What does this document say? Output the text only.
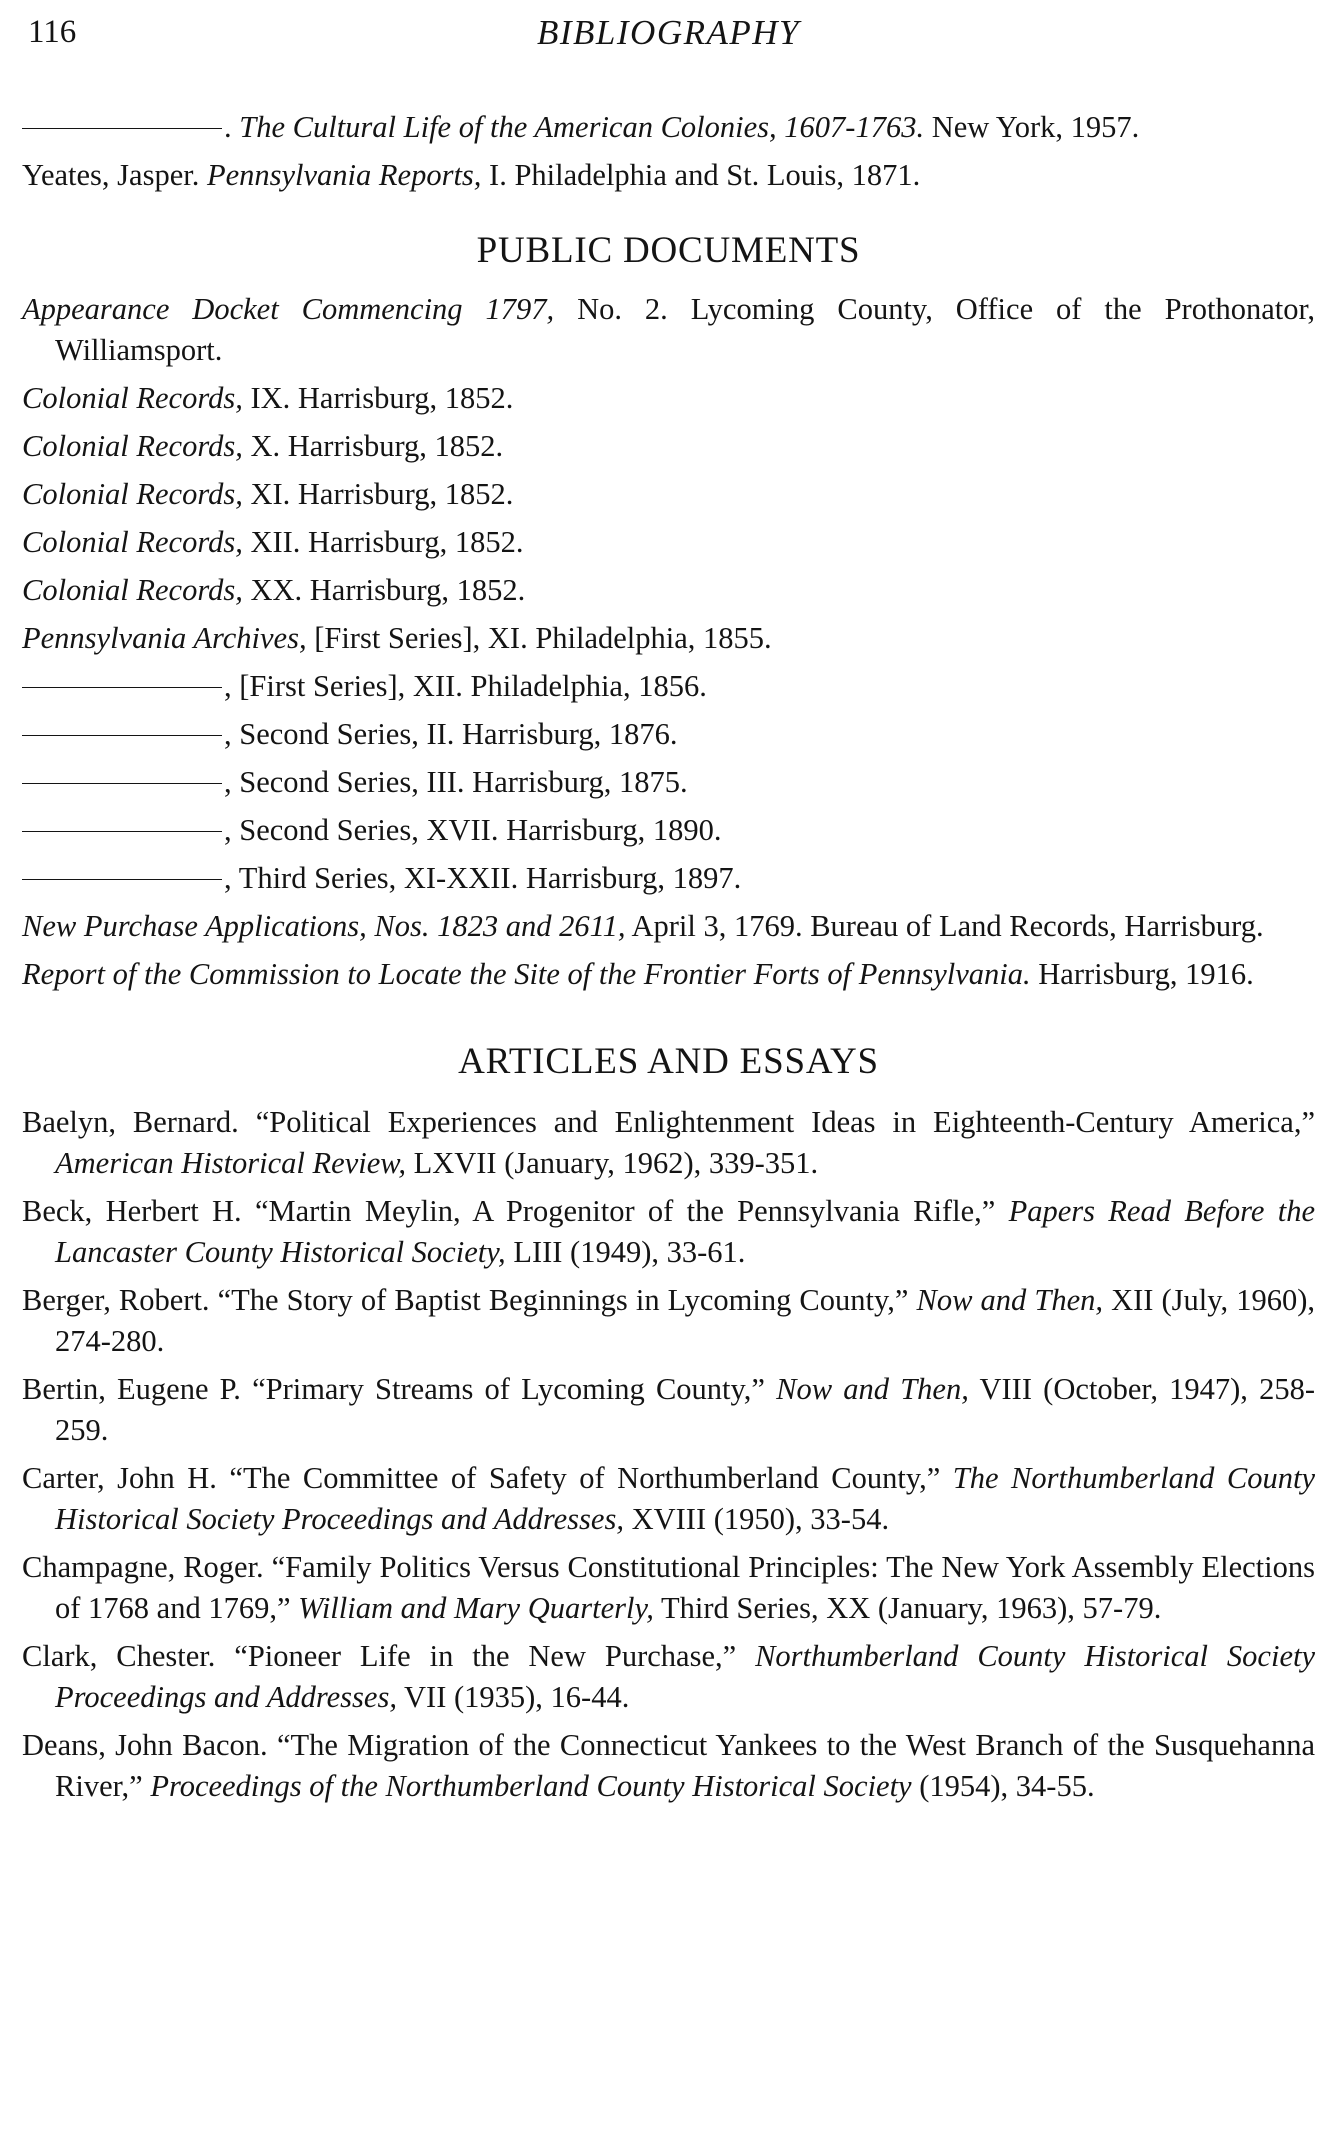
116	BIBLIOGRAPHY

. The Cultural Life of the American Colonies, 1607-1763. New York, 1957.

Yeates, Jasper. Pennsylvania Reports, I. Philadelphia and St. Louis, 1871.

PUBLIC DOCUMENTS

Appearance Docket Commencing 1797, No. 2. Lycoming County, Office of the Prothonator, Williamsport.

Colonial Records, IX. Harrisburg, 1852.

Colonial Records, X. Harrisburg, 1852.

Colonial Records, XI. Harrisburg, 1852.

Colonial Records, XII. Harrisburg, 1852.

Colonial Records, XX. Harrisburg, 1852.

Pennsylvania Archives, [First Series], XI. Philadelphia, 1855.

, [First Series], XII. Philadelphia, 1856.

, Second Series, II. Harrisburg, 1876.

, Second Series, III. Harrisburg, 1875.

, Second Series, XVII. Harrisburg, 1890.

, Third Series, XI-XXII. Harrisburg, 1897.

New Purchase Applications, Nos. 1823 and 2611, April 3, 1769. Bureau of Land Records, Harrisburg.

Report of the Commission to Locate the Site of the Frontier Forts of Pennsylvania. Harrisburg, 1916.

ARTICLES AND ESSAYS

Baelyn, Bernard. “Political Experiences and Enlightenment Ideas in Eighteenth-Century America,” American Historical Review, LXVII (January, 1962), 339-351.

Beck, Herbert H. “Martin Meylin, A Progenitor of the Pennsylvania Rifle,” Papers Read Before the Lancaster County Historical Society, LIII (1949), 33-61.

Berger, Robert. “The Story of Baptist Beginnings in Lycoming County,” Now and Then, XII (July, 1960), 274-280.

Bertin, Eugene P. “Primary Streams of Lycoming County,” Now and Then, VIII (October, 1947), 258-259.

Carter, John H. “The Committee of Safety of Northumberland County,” The Northumberland County Historical Society Proceedings and Addresses, XVIII (1950), 33-54.

Champagne, Roger. “Family Politics Versus Constitutional Principles: The New York Assembly Elections of 1768 and 1769,” William and Mary Quarterly, Third Series, XX (January, 1963), 57-79.

Clark, Chester. “Pioneer Life in the New Purchase,” Northumberland County Historical Society Proceedings and Addresses, VII (1935), 16-44.

Deans, John Bacon. “The Migration of the Connecticut Yankees to the West Branch of the Susquehanna River,” Proceedings of the Northumberland County Historical Society (1954), 34-55.
